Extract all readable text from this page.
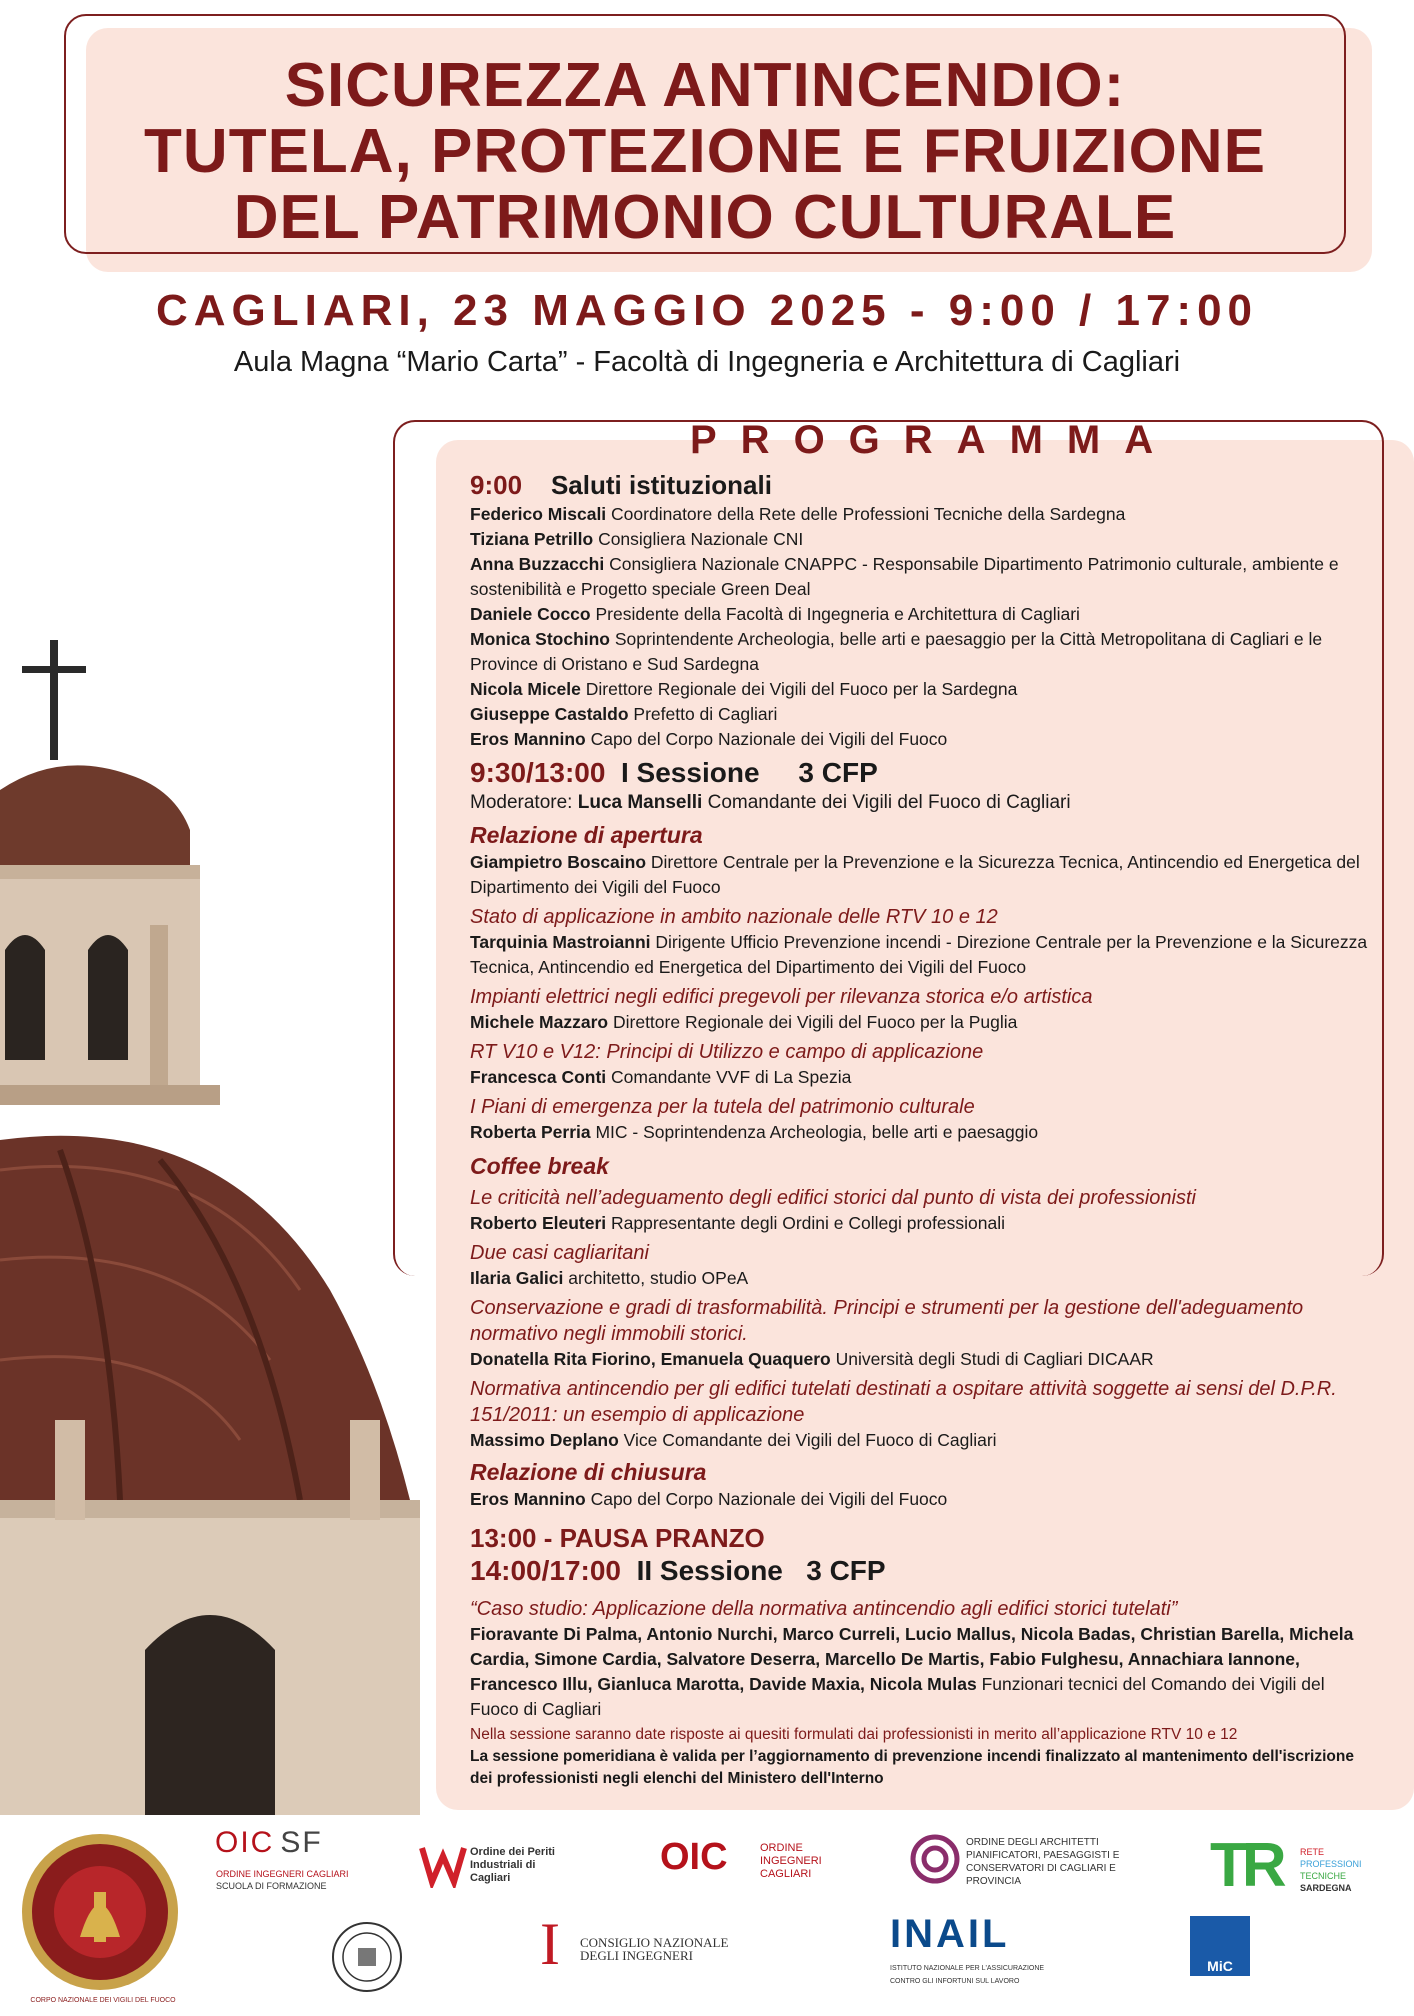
SICUREZZA ANTINCENDIO:
TUTELA, PROTEZIONE E FRUIZIONE
DEL PATRIMONIO CULTURALE
CAGLIARI, 23 MAGGIO 2025 - 9:00 / 17:00
Aula Magna “Mario Carta” - Facoltà di Ingegneria e Architettura di Cagliari
PROGRAMMA
9:00 Saluti istituzionali
Federico Miscali Coordinatore della Rete delle Professioni Tecniche della Sardegna
Tiziana Petrillo Consigliera Nazionale CNI
Anna Buzzacchi Consigliera Nazionale CNAPPC - Responsabile Dipartimento Patrimonio culturale, ambiente e sostenibilità e Progetto speciale Green Deal
Daniele Cocco Presidente della Facoltà di Ingegneria e Architettura di Cagliari
Monica Stochino Soprintendente Archeologia, belle arti e paesaggio per la Città Metropolitana di Cagliari e le Province di Oristano e Sud Sardegna
Nicola Micele Direttore Regionale dei Vigili del Fuoco per la Sardegna
Giuseppe Castaldo Prefetto di Cagliari
Eros Mannino Capo del Corpo Nazionale dei Vigili del Fuoco
9:30/13:00 I Sessione 3 CFP
Moderatore: Luca Manselli Comandante dei Vigili del Fuoco di Cagliari
Relazione di apertura
Giampietro Boscaino Direttore Centrale per la Prevenzione e la Sicurezza Tecnica, Antincendio ed Energetica del Dipartimento dei Vigili del Fuoco
Stato di applicazione in ambito nazionale delle RTV 10 e 12
Tarquinia Mastroianni Dirigente Ufficio Prevenzione incendi - Direzione Centrale per la Prevenzione e la Sicurezza Tecnica, Antincendio ed Energetica del Dipartimento dei Vigili del Fuoco
Impianti elettrici negli edifici pregevoli per rilevanza storica e/o artistica
Michele Mazzaro Direttore Regionale dei Vigili del Fuoco per la Puglia
RT V10 e V12: Principi di Utilizzo e campo di applicazione
Francesca Conti Comandante VVF di La Spezia
I Piani di emergenza per la tutela del patrimonio culturale
Roberta Perria MIC - Soprintendenza Archeologia, belle arti e paesaggio
Coffee break
Le criticità nell’adeguamento degli edifici storici dal punto di vista dei professionisti
Roberto Eleuteri Rappresentante degli Ordini e Collegi professionali
Due casi cagliaritani
Ilaria Galici architetto, studio OPeA
Conservazione e gradi di trasformabilità. Principi e strumenti per la gestione dell'adeguamento normativo negli immobili storici.
Donatella Rita Fiorino, Emanuela Quaquero Università degli Studi di Cagliari DICAAR
Normativa antincendio per gli edifici tutelati destinati a ospitare attività soggette ai sensi del D.P.R. 151/2011: un esempio di applicazione
Massimo Deplano Vice Comandante dei Vigili del Fuoco di Cagliari
Relazione di chiusura
Eros Mannino Capo del Corpo Nazionale dei Vigili del Fuoco
13:00 - PAUSA PRANZO
14:00/17:00 II Sessione 3 CFP
“Caso studio: Applicazione della normativa antincendio agli edifici storici tutelati”
Fioravante Di Palma, Antonio Nurchi, Marco Curreli, Lucio Mallus, Nicola Badas, Christian Barella, Michela Cardia, Simone Cardia, Salvatore Deserra, Marcello De Martis, Fabio Fulghesu, Annachiara Iannone, Francesco Illu, Gianluca Marotta, Davide Maxia, Nicola Mulas Funzionari tecnici del Comando dei Vigili del Fuoco di Cagliari
Nella sessione saranno date risposte ai quesiti formulati dai professionisti in merito all’applicazione RTV 10 e 12
La sessione pomeridiana è valida per l’aggiornamento di prevenzione incendi finalizzato al mantenimento dell'iscrizione dei professionisti negli elenchi del Ministero dell'Interno
CORPO NAZIONALE DEI VIGILI DEL FUOCO
OIC SF
ORDINE INGEGNERI CAGLIARI
SCUOLA DI FORMAZIONE
Ordine dei Periti Industriali di Cagliari	OIC	ORDINE INGEGNERI CAGLIARI
ORDINE DEGLI ARCHITETTI PIANIFICATORI, PAESAGGISTI E CONSERVATORI DI CAGLIARI E PROVINCIA	TR RETE
PROFESSIONI
TECNICHE
SARDEGNA
I CONSIGLIO NAZIONALE DEGLI INGEGNERI	INAIL
ISTITUTO NAZIONALE PER L'ASSICURAZIONE CONTRO GLI INFORTUNI SUL LAVORO
MiC
